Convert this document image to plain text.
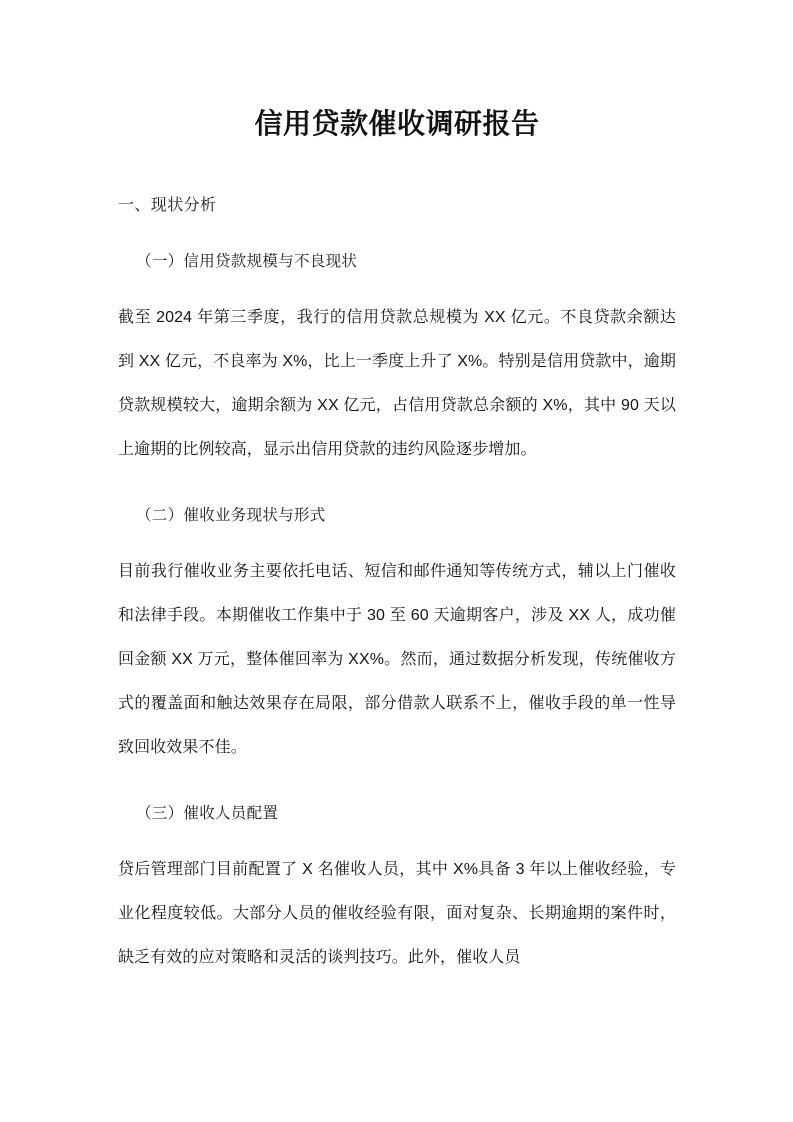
信用贷款催收调研报告
一、现状分析
（一）信用贷款规模与不良现状

截至 2024 年第三季度，我行的信用贷款总规模为 XX 亿元。不良贷款余额达到 XX 亿元，不良率为 X%，比上一季度上升了 X%。特别是信用贷款中，逾期贷款规模较大，逾期余额为 XX 亿元，占信用贷款总余额的 X%，其中 90 天以上逾期的比例较高，显示出信用贷款的违约风险逐步增加。

（二）催收业务现状与形式

目前我行催收业务主要依托电话、短信和邮件通知等传统方式，辅以上门催收和法律手段。本期催收工作集中于 30 至 60 天逾期客户，涉及 XX 人，成功催回金额 XX 万元，整体催回率为 XX%。然而，通过数据分析发现，传统催收方式的覆盖面和触达效果存在局限，部分借款人联系不上，催收手段的单一性导致回收效果不佳。

（三）催收人员配置

贷后管理部门目前配置了 X 名催收人员，其中 X%具备 3 年以上催收经验，专业化程度较低。大部分人员的催收经验有限，面对复杂、长期逾期的案件时，缺乏有效的应对策略和灵活的谈判技巧。此外，催收人员
